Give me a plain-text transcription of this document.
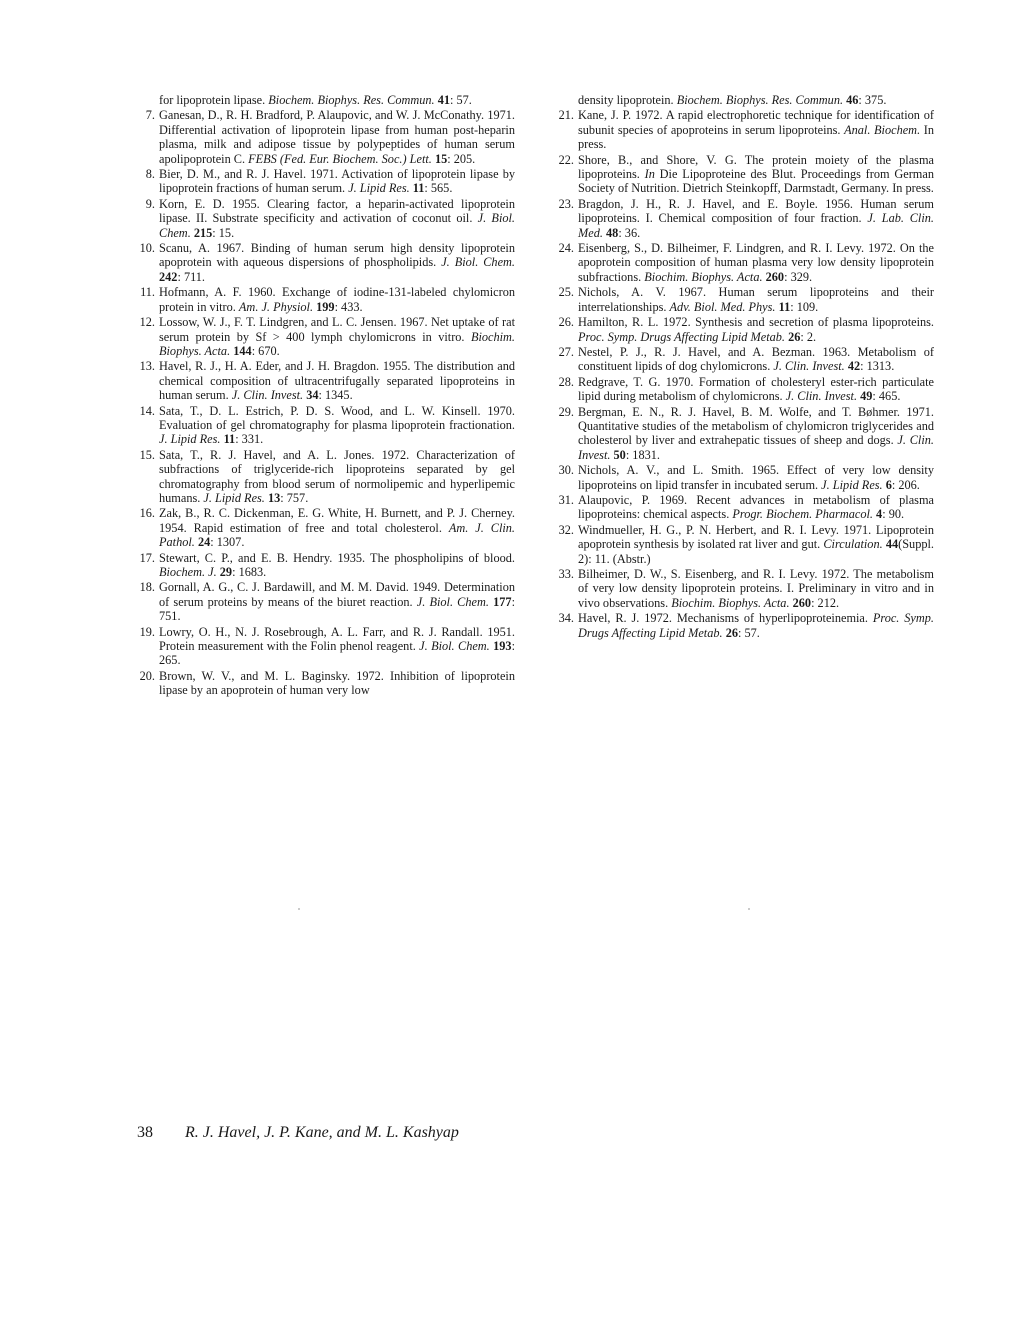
for lipoprotein lipase. Biochem. Biophys. Res. Commun. 41: 57.
7. Ganesan, D., R. H. Bradford, P. Alaupovic, and W. J. McConathy. 1971. Differential activation of lipoprotein lipase from human post-heparin plasma, milk and adipose tissue by polypeptides of human serum apolipoprotein C. FEBS (Fed. Eur. Biochem. Soc.) Lett. 15: 205.
8. Bier, D. M., and R. J. Havel. 1971. Activation of lipoprotein lipase by lipoprotein fractions of human serum. J. Lipid Res. 11: 565.
9. Korn, E. D. 1955. Clearing factor, a heparin-activated lipoprotein lipase. II. Substrate specificity and activation of coconut oil. J. Biol. Chem. 215: 15.
10. Scanu, A. 1967. Binding of human serum high density lipoprotein apoprotein with aqueous dispersions of phospholipids. J. Biol. Chem. 242: 711.
11. Hofmann, A. F. 1960. Exchange of iodine-131-labeled chylomicron protein in vitro. Am. J. Physiol. 199: 433.
12. Lossow, W. J., F. T. Lindgren, and L. C. Jensen. 1967. Net uptake of rat serum protein by Sf > 400 lymph chylomicrons in vitro. Biochim. Biophys. Acta. 144: 670.
13. Havel, R. J., H. A. Eder, and J. H. Bragdon. 1955. The distribution and chemical composition of ultracentrifugally separated lipoproteins in human serum. J. Clin. Invest. 34: 1345.
14. Sata, T., D. L. Estrich, P. D. S. Wood, and L. W. Kinsell. 1970. Evaluation of gel chromatography for plasma lipoprotein fractionation. J. Lipid Res. 11: 331.
15. Sata, T., R. J. Havel, and A. L. Jones. 1972. Characterization of subfractions of triglyceride-rich lipoproteins separated by gel chromatography from blood serum of normolipemic and hyperlipemic humans. J. Lipid Res. 13: 757.
16. Zak, B., R. C. Dickenman, E. G. White, H. Burnett, and P. J. Cherney. 1954. Rapid estimation of free and total cholesterol. Am. J. Clin. Pathol. 24: 1307.
17. Stewart, C. P., and E. B. Hendry. 1935. The phospholipins of blood. Biochem. J. 29: 1683.
18. Gornall, A. G., C. J. Bardawill, and M. M. David. 1949. Determination of serum proteins by means of the biuret reaction. J. Biol. Chem. 177: 751.
19. Lowry, O. H., N. J. Rosebrough, A. L. Farr, and R. J. Randall. 1951. Protein measurement with the Folin phenol reagent. J. Biol. Chem. 193: 265.
20. Brown, W. V., and M. L. Baginsky. 1972. Inhibition of lipoprotein lipase by an apoprotein of human very low
density lipoprotein. Biochem. Biophys. Res. Commun. 46: 375.
21. Kane, J. P. 1972. A rapid electrophoretic technique for identification of subunit species of apoproteins in serum lipoproteins. Anal. Biochem. In press.
22. Shore, B., and Shore, V. G. The protein moiety of the plasma lipoproteins. In Die Lipoproteine des Blut. Proceedings from German Society of Nutrition. Dietrich Steinkopff, Darmstadt, Germany. In press.
23. Bragdon, J. H., R. J. Havel, and E. Boyle. 1956. Human serum lipoproteins. I. Chemical composition of four fraction. J. Lab. Clin. Med. 48: 36.
24. Eisenberg, S., D. Bilheimer, F. Lindgren, and R. I. Levy. 1972. On the apoprotein composition of human plasma very low density lipoprotein subfractions. Biochim. Biophys. Acta. 260: 329.
25. Nichols, A. V. 1967. Human serum lipoproteins and their interrelationships. Adv. Biol. Med. Phys. 11: 109.
26. Hamilton, R. L. 1972. Synthesis and secretion of plasma lipoproteins. Proc. Symp. Drugs Affecting Lipid Metab. 26: 2.
27. Nestel, P. J., R. J. Havel, and A. Bezman. 1963. Metabolism of constituent lipids of dog chylomicrons. J. Clin. Invest. 42: 1313.
28. Redgrave, T. G. 1970. Formation of cholesteryl ester-rich particulate lipid during metabolism of chylomicrons. J. Clin. Invest. 49: 465.
29. Bergman, E. N., R. J. Havel, B. M. Wolfe, and T. Bøhmer. 1971. Quantitative studies of the metabolism of chylomicron triglycerides and cholesterol by liver and extrahepatic tissues of sheep and dogs. J. Clin. Invest. 50: 1831.
30. Nichols, A. V., and L. Smith. 1965. Effect of very low density lipoproteins on lipid transfer in incubated serum. J. Lipid Res. 6: 206.
31. Alaupovic, P. 1969. Recent advances in metabolism of plasma lipoproteins: chemical aspects. Progr. Biochem. Pharmacol. 4: 90.
32. Windmueller, H. G., P. N. Herbert, and R. I. Levy. 1971. Lipoprotein apoprotein synthesis by isolated rat liver and gut. Circulation. 44(Suppl. 2): 11. (Abstr.)
33. Bilheimer, D. W., S. Eisenberg, and R. I. Levy. 1972. The metabolism of very low density lipoprotein proteins. I. Preliminary in vitro and in vivo observations. Biochim. Biophys. Acta. 260: 212.
34. Havel, R. J. 1972. Mechanisms of hyperlipoproteinemia. Proc. Symp. Drugs Affecting Lipid Metab. 26: 57.
38 R. J. Havel, J. P. Kane, and M. L. Kashyap
